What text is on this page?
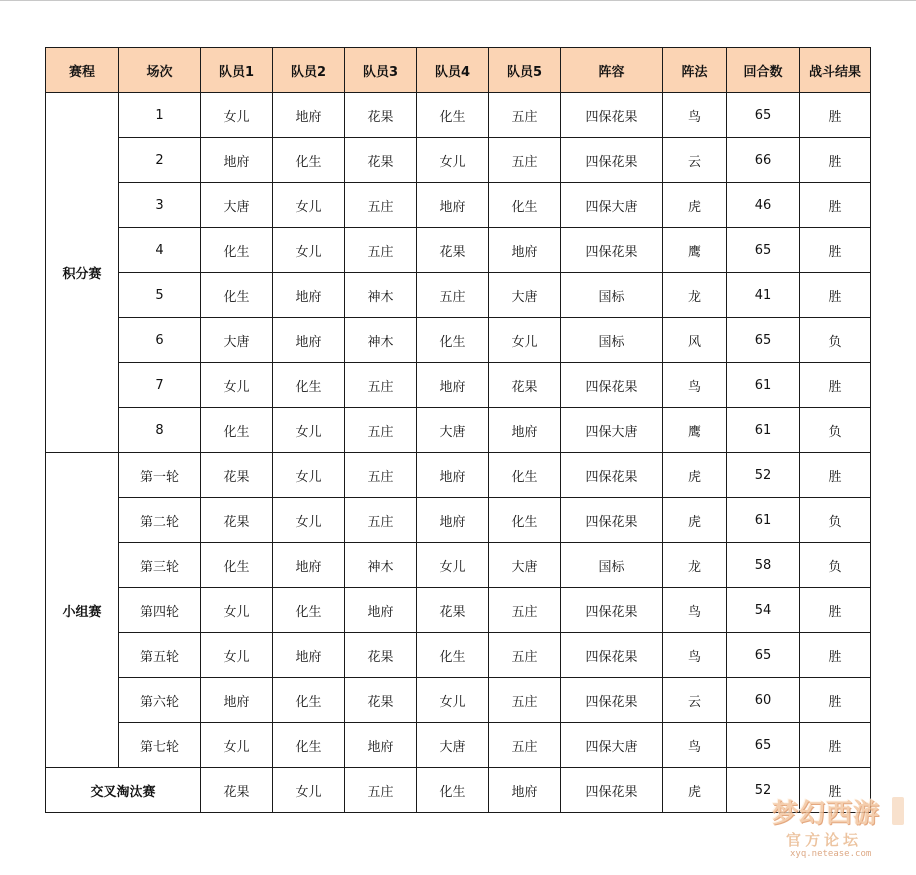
赛程	场次	队员1	队员2	队员3	队员4	队员5	阵容	阵法	回合数	战斗结果
积分赛	1	女儿	地府	花果	化生	五庄	四保花果	鸟	65	胜
	2	地府	化生	花果	女儿	五庄	四保花果	云	66	胜
	3	大唐	女儿	五庄	地府	化生	四保大唐	虎	46	胜
	4	化生	女儿	五庄	花果	地府	四保花果	鹰	65	胜
	5	化生	地府	神木	五庄	大唐	国标	龙	41	胜
	6	大唐	地府	神木	化生	女儿	国标	风	65	负
	7	女儿	化生	五庄	地府	花果	四保花果	鸟	61	胜
	8	化生	女儿	五庄	大唐	地府	四保大唐	鹰	61	负
小组赛	第一轮	花果	女儿	五庄	地府	化生	四保花果	虎	52	胜
	第二轮	花果	女儿	五庄	地府	化生	四保花果	虎	61	负
	第三轮	化生	地府	神木	女儿	大唐	国标	龙	58	负
	第四轮	女儿	化生	地府	花果	五庄	四保花果	鸟	54	胜
	第五轮	女儿	地府	花果	化生	五庄	四保花果	鸟	65	胜
	第六轮	地府	化生	花果	女儿	五庄	四保花果	云	60	胜
	第七轮	女儿	化生	地府	大唐	五庄	四保大唐	鸟	65	胜
交叉淘汰赛		花果	女儿	五庄	化生	地府	四保花果	虎	52	胜
梦幻西游
官方论坛
xyq.netease.com
